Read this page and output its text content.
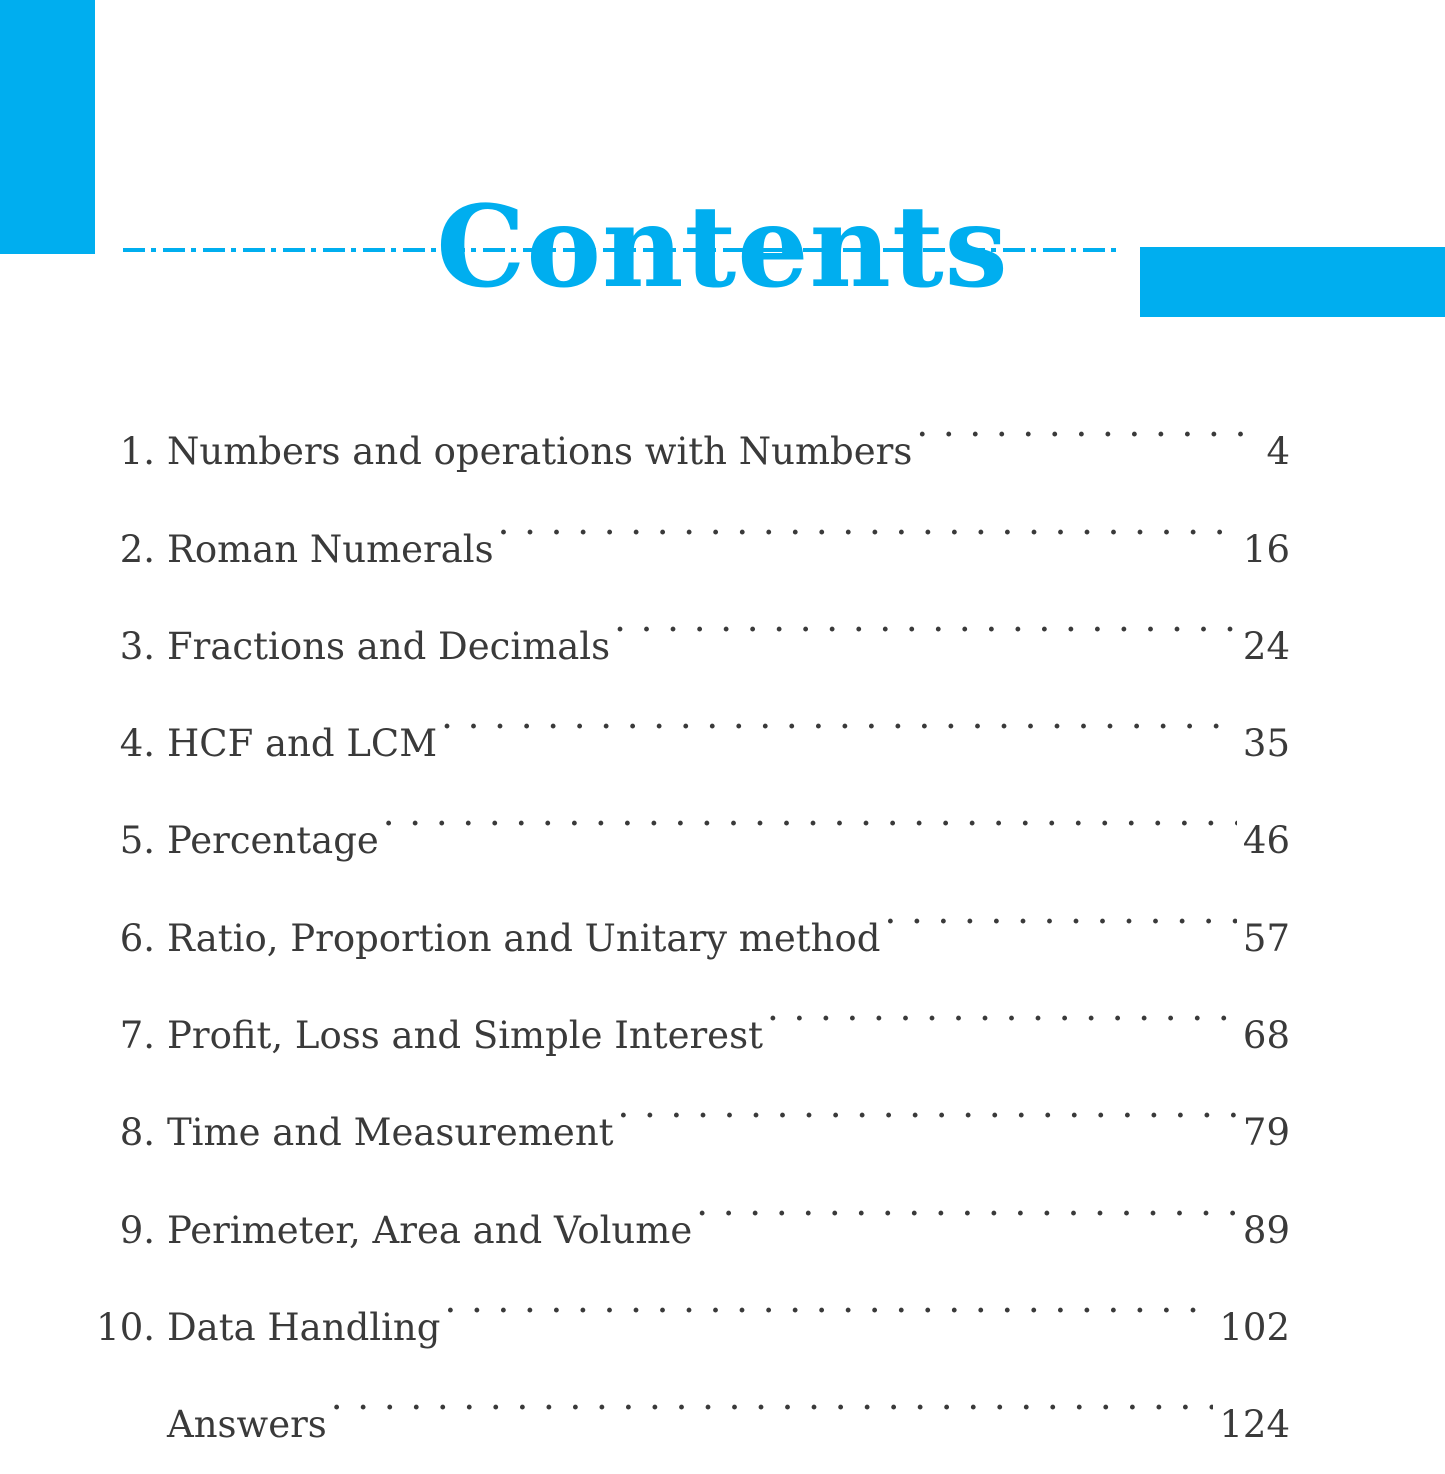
Contents
1. Numbers and operations with Numbers . . .	4
2. Roman Numerals . . .	16
3. Fractions and Decimals . . .	24
4. HCF and LCM . . .	35
5. Percentage . . .	46
6. Ratio, Proportion and Unitary method . . .	57
7. Profit, Loss and Simple Interest . . .	68
8. Time and Measurement . . .	79
9. Perimeter, Area and Volume . . .	89
10. Data Handling . . .	102
Answers . . .	124
